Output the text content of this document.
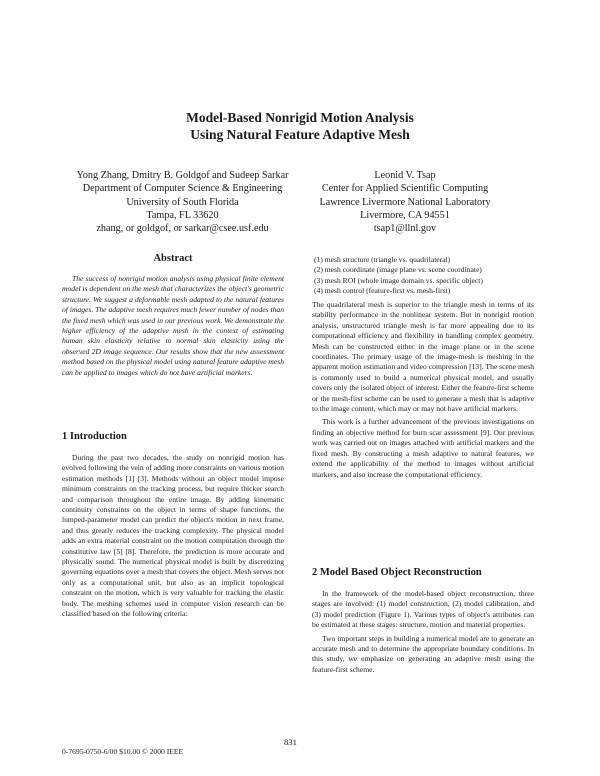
Model-Based Nonrigid Motion Analysis
Using Natural Feature Adaptive Mesh
Yong Zhang, Dmitry B. Goldgof and Sudeep Sarkar
Department of Computer Science & Engineering
University of South Florida
Tampa, FL 33620
zhang, or goldgof, or sarkar@csee.usf.edu
Leonid V. Tsap
Center for Applied Scientific Computing
Lawrence Livermore National Laboratory
Livermore, CA 94551
tsap1@llnl.gov
Abstract

The success of nonrigid motion analysis using physical finite element model is dependent on the mesh that characterizes the object's geometric structure. We suggest a deformable mesh adapted to the natural features of images. The adaptive mesh requires much fewer number of nodes than the fixed mesh which was used in our previous work. We demonstrate the higher efficiency of the adaptive mesh in the context of estimating human skin elasticity relative to normal skin elasticity using the observed 2D image sequence. Our results show that the new assessment method based on the physical model using natural feature adaptive mesh can be applied to images which do not have artificial markers.

1 Introduction

During the past two decades, the study on nonrigid motion has evolved following the vein of adding more constraints on various motion estimation methods [1] [3]. Methods without an object model impose minimum constraints on the tracking process, but require thicker search and comparison throughout the entire image. By adding kinematic continuity constraints on the object in terms of shape functions, the lumped-parameter model can predict the object's motion in next frame, and thus greatly reduces the tracking complexity. The physical model adds an extra material constraint on the motion computation through the constitutive law [5] [8]. Therefore, the prediction is more accurate and physically sound. The numerical physical model is built by discretizing governing equations over a mesh that covers the object. Mesh serves not only as a computational unit, but also as an implicit topological constraint on the motion, which is very valuable for tracking the elastic body. The meshing schemes used in computer vision research can be classified based on the following criteria:

(1) mesh structure (triangle vs. quadrilateral)
(2) mesh coordinate (image plane vs. scene coordinate)
(3) mesh ROI (whole image domain vs. specific object)
(4) mesh control (feature-first vs. mesh-first)

The quadrilateral mesh is superior to the triangle mesh in terms of its stability performance in the nonlinear system. But in nonrigid motion analysis, unstructured triangle mesh is far more appealing due to its computational efficiency and flexibility in handling complex geometry. Mesh can be constructed either in the image plane or in the scene coordinates. The primary usage of the image-mesh is meshing in the apparent motion estimation and video compression [13]. The scene mesh is commonly used to build a numerical physical model, and usually covers only the isolated object of interest. Either the feature-first scheme or the mesh-first scheme can be used to generate a mesh that is adaptive to the image content, which may or may not have artificial markers.

This work is a further advancement of the previous investigations on finding an objective method for burn scar assessment [9]. Our previous work was carried out on images attached with artificial markers and the fixed mesh. By constructing a mesh adaptive to natural features, we extend the applicability of the method to images without artificial markers, and also increase the computational efficiency.

2 Model Based Object Reconstruction

In the framework of the model-based object reconstruction, three stages are involved: (1) model construction, (2) model calibration, and (3) model prediction (Figure 1). Various types of object's attributes can be estimated at these stages: structure, motion and material properties.

Two important steps in building a numerical model are to generate an accurate mesh and to determine the appropriate boundary conditions. In this study, we emphasize on generating an adaptive mesh using the feature-first scheme.

831
0-7695-0750-6/00 $10.00 © 2000 IEEE
